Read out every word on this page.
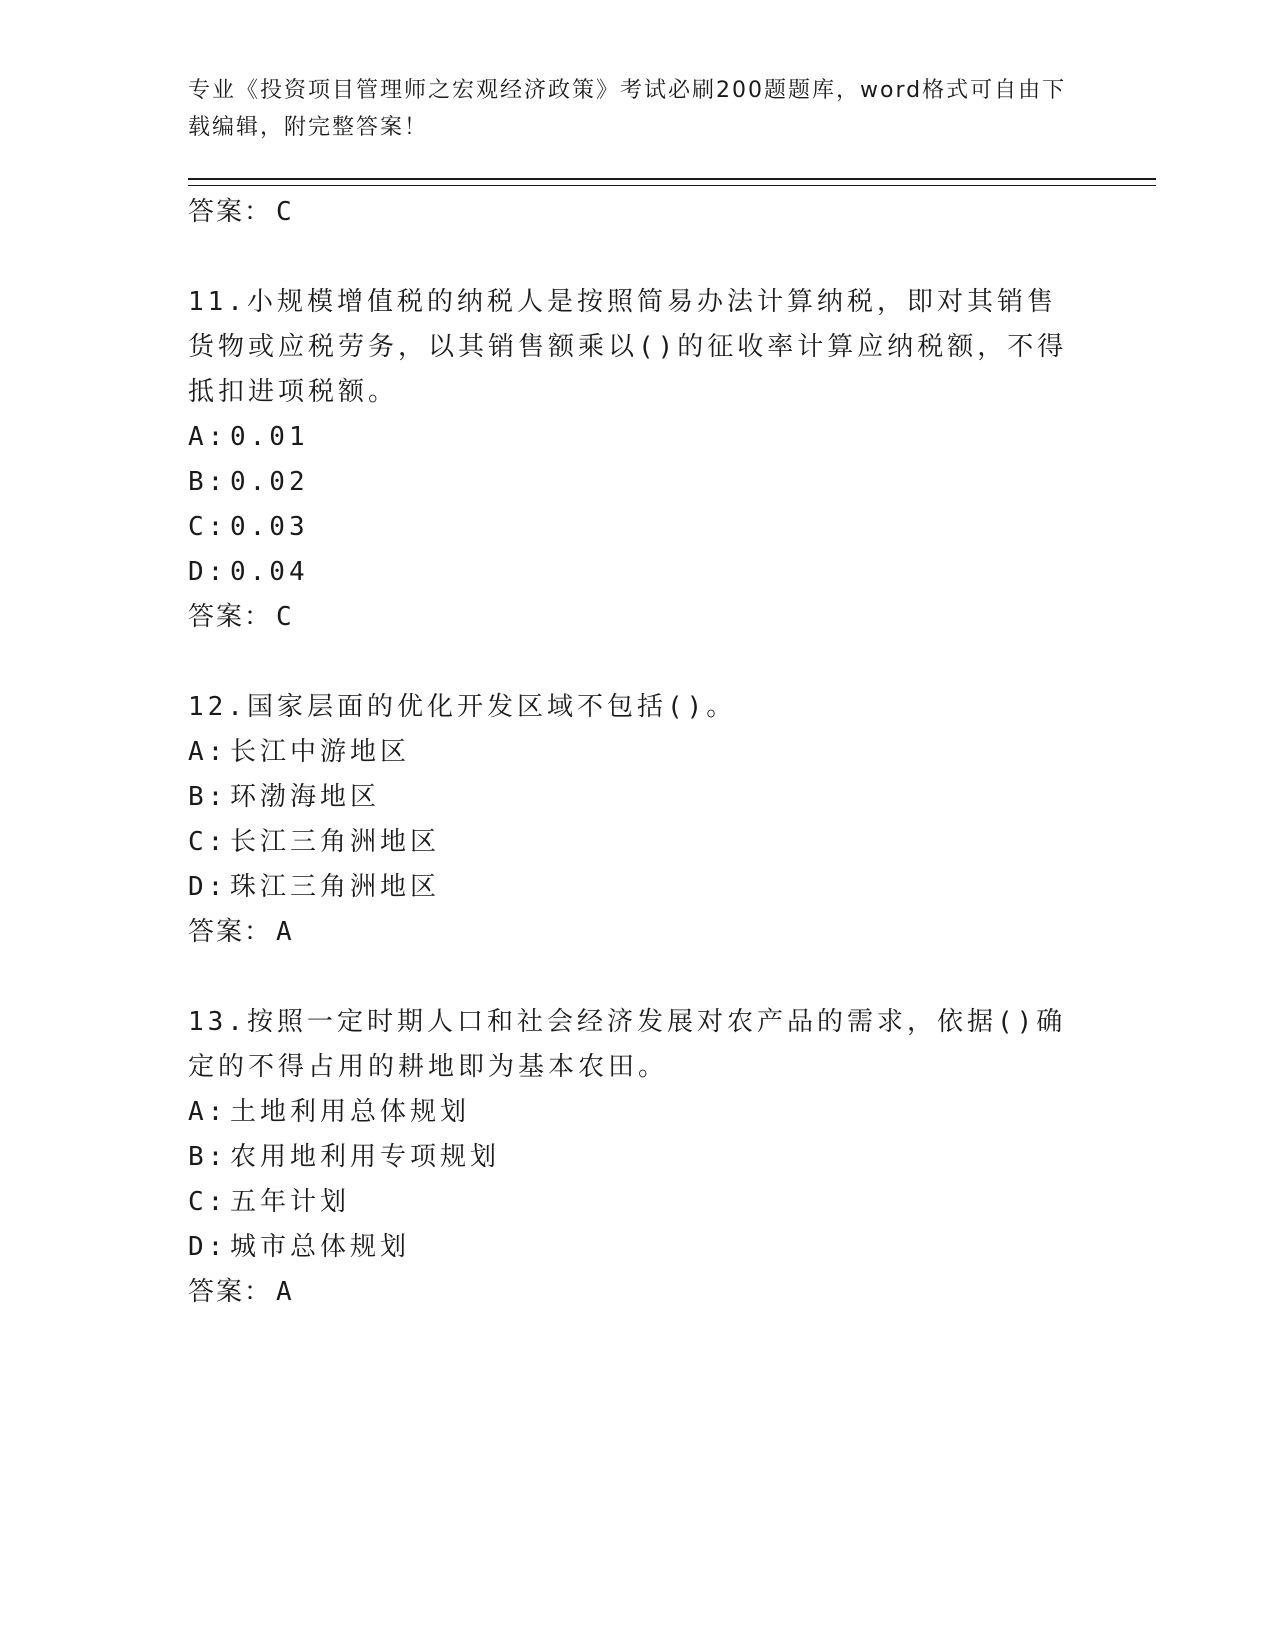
专业《投资项目管理师之宏观经济政策》考试必刷200题题库，word格式可自由下载编辑，附完整答案！
答案： C
11.小规模增值税的纳税人是按照简易办法计算纳税，即对其销售货物或应税劳务，以其销售额乘以()的征收率计算应纳税额，不得抵扣进项税额。
A: 0.01
B: 0.02
C: 0.03
D: 0.04
答案： C
12.国家层面的优化开发区域不包括()。
A: 长江中游地区
B: 环渤海地区
C: 长江三角洲地区
D: 珠江三角洲地区
答案： A
13.按照一定时期人口和社会经济发展对农产品的需求，依据()确定的不得占用的耕地即为基本农田。
A: 土地利用总体规划
B: 农用地利用专项规划
C: 五年计划
D: 城市总体规划
答案： A
